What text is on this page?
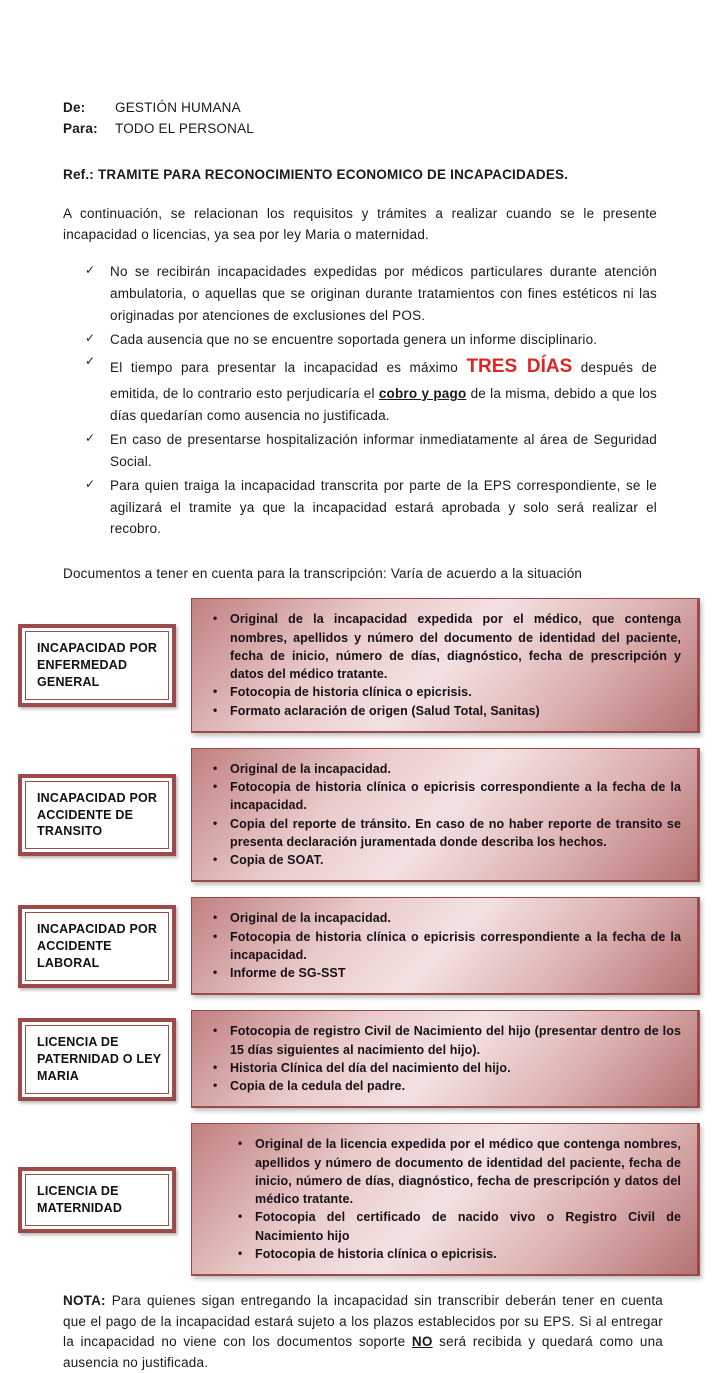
De:	GESTIÓN HUMANA
Para:	TODO EL PERSONAL
Ref.: TRAMITE PARA RECONOCIMIENTO ECONOMICO DE INCAPACIDADES.

A continuación, se relacionan los requisitos y trámites a realizar cuando se le presente incapacidad o licencias, ya sea por ley Maria o maternidad.

✓ No se recibirán incapacidades expedidas por médicos particulares durante atención ambulatoria, o aquellas que se originan durante tratamientos con fines estéticos ni las originadas por atenciones de exclusiones del POS.
✓ Cada ausencia que no se encuentre soportada genera un informe disciplinario.
✓ El tiempo para presentar la incapacidad es máximo TRES DÍAS después de emitida, de lo contrario esto perjudicaría el cobro y pago de la misma, debido a que los días quedarían como ausencia no justificada.
✓ En caso de presentarse hospitalización informar inmediatamente al área de Seguridad Social.
✓ Para quien traiga la incapacidad transcrita por parte de la EPS correspondiente, se le agilizará el tramite ya que la incapacidad estará aprobada y solo será realizar el recobro.

Documentos a tener en cuenta para la transcripción: Varía de acuerdo a la situación

INCAPACIDAD POR ENFERMEDAD GENERAL
• Original de la incapacidad expedida por el médico, que contenga nombres, apellidos y número del documento de identidad del paciente, fecha de inicio, número de días, diagnóstico, fecha de prescripción y datos del médico tratante.
• Fotocopia de historia clínica o epicrisis.
• Formato aclaración de origen (Salud Total, Sanitas)
INCAPACIDAD POR ACCIDENTE DE TRANSITO
• Original de la incapacidad.
• Fotocopia de historia clínica o epicrisis correspondiente a la fecha de la incapacidad.
• Copia del reporte de tránsito. En caso de no haber reporte de transito se presenta declaración juramentada donde describa los hechos.
• Copia de SOAT.
INCAPACIDAD POR ACCIDENTE LABORAL
• Original de la incapacidad.
• Fotocopia de historia clínica o epicrisis correspondiente a la fecha de la incapacidad.
• Informe de SG-SST
LICENCIA DE PATERNIDAD O LEY MARIA
• Fotocopia de registro Civil de Nacimiento del hijo (presentar dentro de los 15 días siguientes al nacimiento del hijo).
• Historia Clínica del día del nacimiento del hijo.
• Copia de la cedula del padre.
LICENCIA DE MATERNIDAD
• Original de la licencia expedida por el médico que contenga nombres, apellidos y número de documento de identidad del paciente, fecha de inicio, número de días, diagnóstico, fecha de prescripción y datos del médico tratante.
• Fotocopia del certificado de nacido vivo o Registro Civil de Nacimiento hijo
• Fotocopia de historia clínica o epicrisis.

NOTA: Para quienes sigan entregando la incapacidad sin transcribir deberán tener en cuenta que el pago de la incapacidad estará sujeto a los plazos establecidos por su EPS. Si al entregar la incapacidad no viene con los documentos soporte NO será recibida y quedará como una ausencia no justificada.
